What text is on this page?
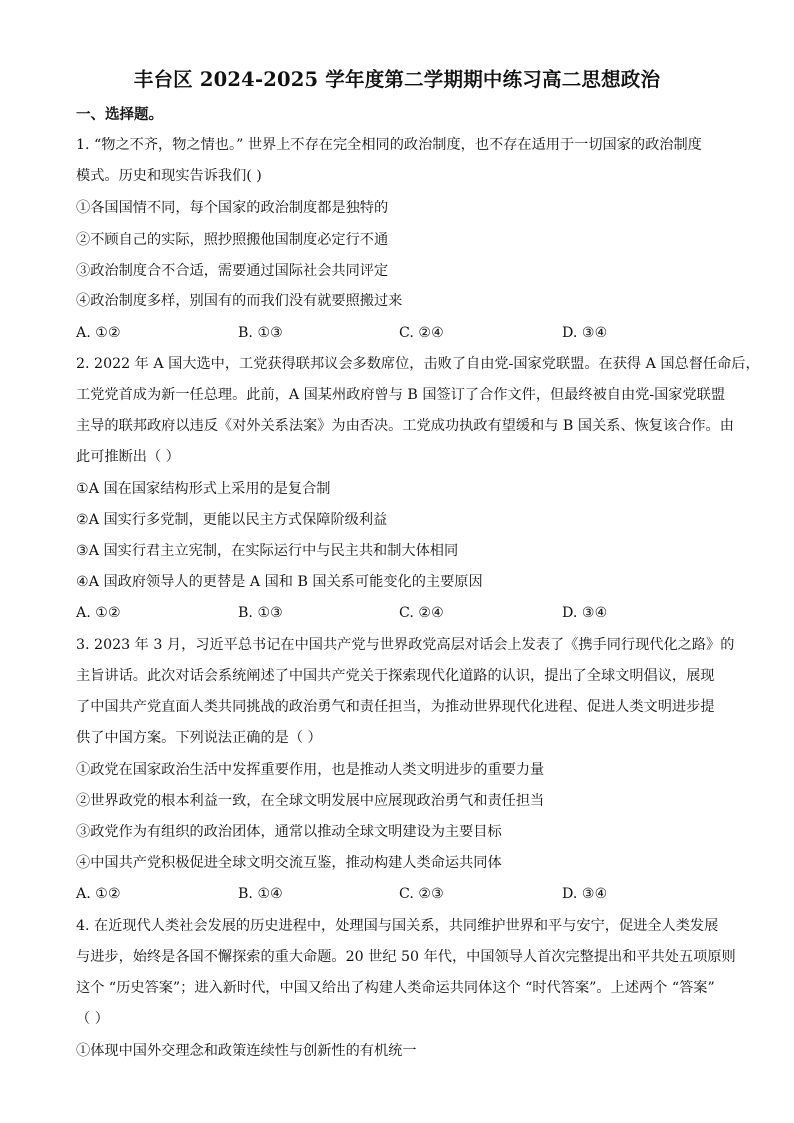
丰台区 2024-2025 学年度第二学期期中练习高二思想政治
一、选择题。
1. “物之不齐，物之情也。” 世界上不存在完全相同的政治制度，也不存在适用于一切国家的政治制度
模式。历史和现实告诉我们( )
①各国国情不同，每个国家的政治制度都是独特的
②不顾自己的实际，照抄照搬他国制度必定行不通
③政治制度合不合适，需要通过国际社会共同评定
④政治制度多样，别国有的而我们没有就要照搬过来
A. ①②	B. ①③	C. ②④	D. ③④
2. 2022 年 A 国大选中，工党获得联邦议会多数席位，击败了自由党-国家党联盟。在获得 A 国总督任命后，
工党党首成为新一任总理。此前，A 国某州政府曾与 B 国签订了合作文件，但最终被自由党-国家党联盟
主导的联邦政府以违反《对外关系法案》为由否决。工党成功执政有望缓和与 B 国关系、恢复该合作。由
此可推断出（ ）
①A 国在国家结构形式上采用的是复合制
②A 国实行多党制，更能以民主方式保障阶级利益
③A 国实行君主立宪制，在实际运行中与民主共和制大体相同
④A 国政府领导人的更替是 A 国和 B 国关系可能变化的主要原因
A. ①②	B. ①③	C. ②④	D. ③④
3. 2023 年 3 月，习近平总书记在中国共产党与世界政党高层对话会上发表了《携手同行现代化之路》的
主旨讲话。此次对话会系统阐述了中国共产党关于探索现代化道路的认识，提出了全球文明倡议，展现
了中国共产党直面人类共同挑战的政治勇气和责任担当，为推动世界现代化进程、促进人类文明进步提
供了中国方案。下列说法正确的是（ ）
①政党在国家政治生活中发挥重要作用，也是推动人类文明进步的重要力量
②世界政党的根本利益一致，在全球文明发展中应展现政治勇气和责任担当
③政党作为有组织的政治团体，通常以推动全球文明建设为主要目标
④中国共产党积极促进全球文明交流互鉴，推动构建人类命运共同体
A. ①②	B. ①④	C. ②③	D. ③④
4. 在近现代人类社会发展的历史进程中，处理国与国关系，共同维护世界和平与安宁，促进全人类发展
与进步，始终是各国不懈探索的重大命题。20 世纪 50 年代，中国领导人首次完整提出和平共处五项原则
这个 “历史答案”；进入新时代，中国又给出了构建人类命运共同体这个 “时代答案”。上述两个 “答案”
（ ）
①体现中国外交理念和政策连续性与创新性的有机统一
